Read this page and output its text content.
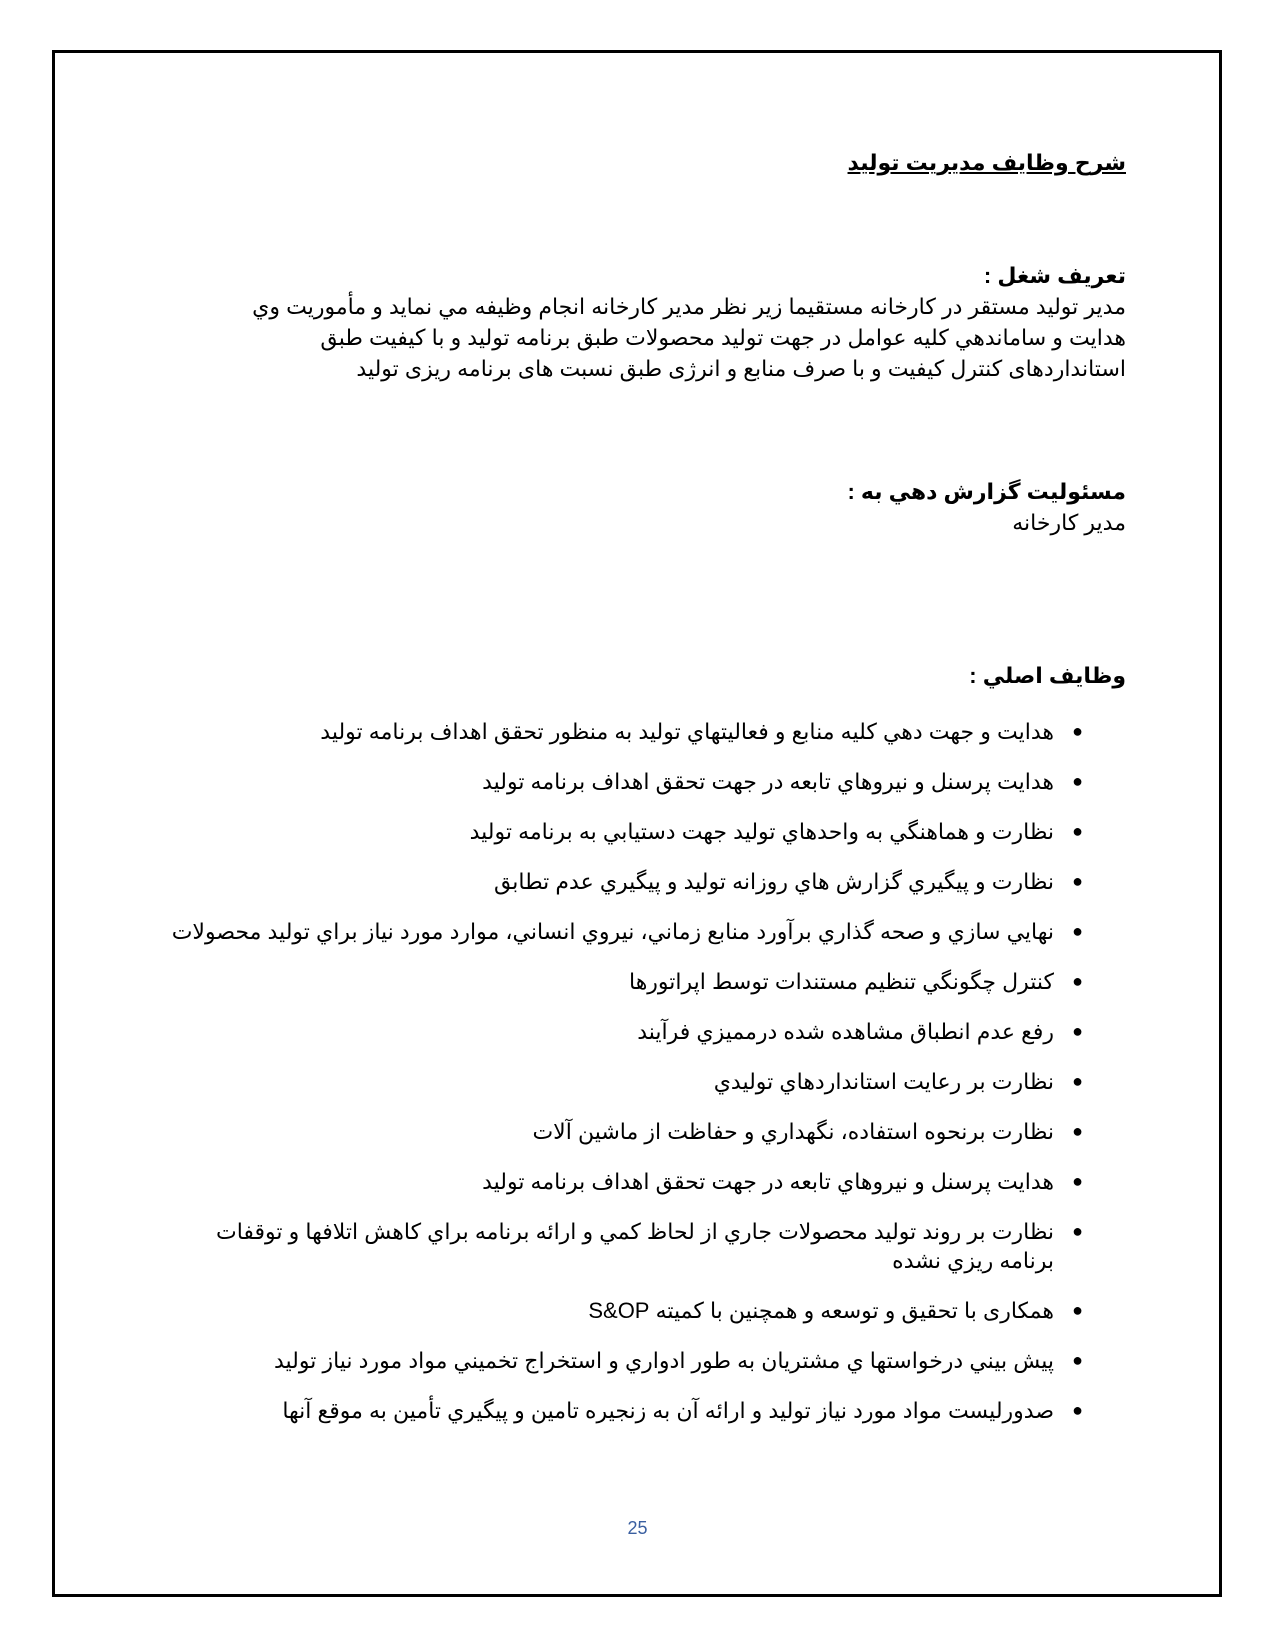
شرح وظايف مديريت توليد

تعريف شغل :

مدير توليد مستقر در كارخانه مستقيما زير نظر مدير كارخانه انجام وظيفه مي نمايد و مأموريت وي

هدايت و ساماندهي كليه عوامل در جهت توليد محصولات طبق برنامه توليد و با کيفيت طبق

استانداردهای کنترل کيفيت و با صرف منابع و انرژی طبق نسبت های برنامه ريزی توليد

مسئوليت گزارش دهي به :

مدير كارخانه

وظايف اصلي :

●
هدايت و جهت دهي كليه منابع و فعاليتهاي توليد به منظور تحقق اهداف برنامه توليد
●
هدايت پرسنل و نيروهاي تابعه در جهت تحقق اهداف برنامه توليد
●
نظارت و هماهنگي به واحدهاي توليد جهت دستيابي به برنامه توليد
●
نظارت و پيگيري گزارش هاي روزانه توليد و پيگيري عدم تطابق
●
نهايي سازي و صحه گذاري برآورد منابع زماني، نيروي انساني، موارد مورد نياز براي توليد محصولات
●
كنترل چگونگي تنظيم مستندات توسط اپراتورها
●
رفع عدم انطباق مشاهده شده درمميزي فرآيند
●
نظارت بر رعايت استانداردهاي توليدي
●
نظارت برنحوه استفاده، نگهداري و حفاظت از ماشين آلات
●
هدايت پرسنل و نيروهاي تابعه در جهت تحقق اهداف برنامه توليد
●
نظارت بر روند توليد محصولات جاري از لحاظ كمي و ارائه برنامه براي كاهش اتلافها و توقفات برنامه ريزي نشده
●
همکاری با تحقيق و توسعه و همچنين با کميته S&OP
●
پيش بيني درخواستها ي مشتريان به طور ادواري و استخراج تخميني مواد مورد نياز توليد
●
صدورليست مواد مورد نياز توليد و ارائه آن به زنجيره تامين و پيگيري تأمين به موقع آنها
25
